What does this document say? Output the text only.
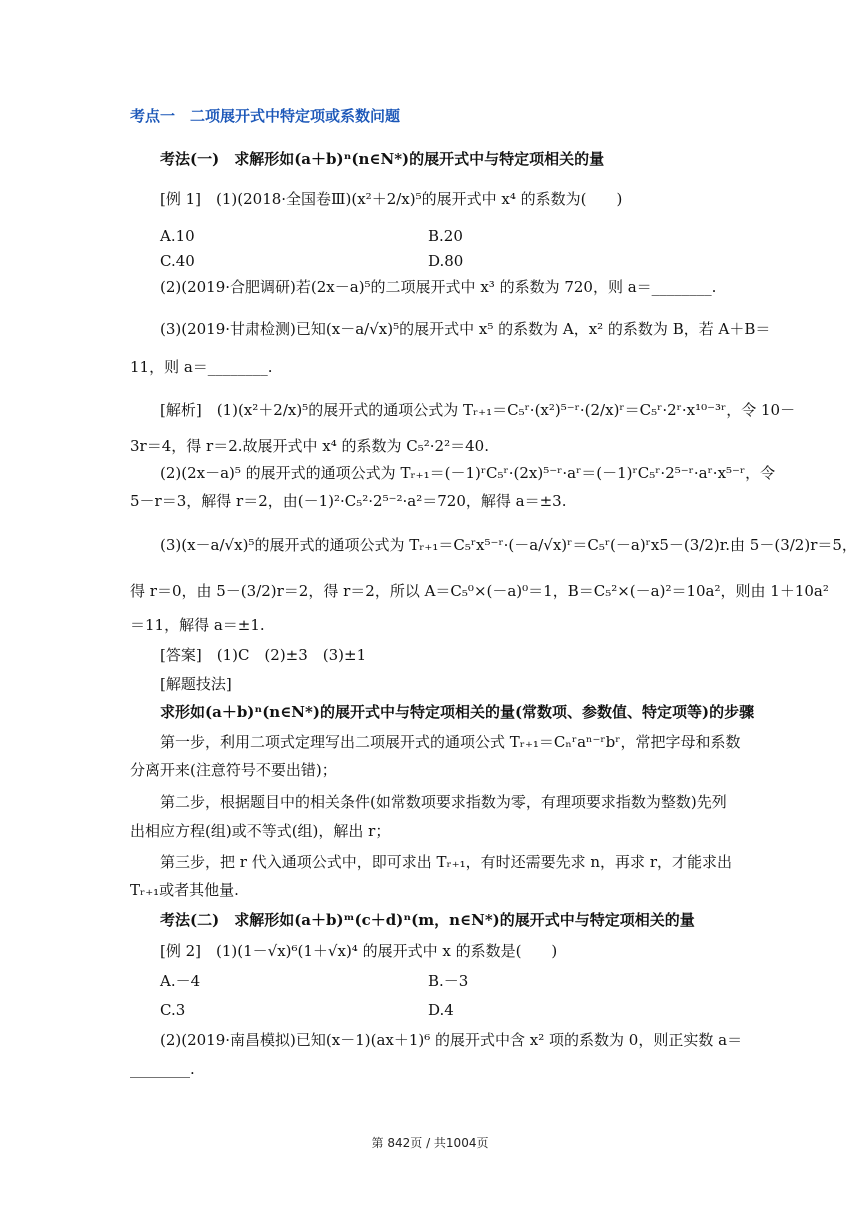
考点一　二项展开式中特定项或系数问题
考法(一)　求解形如(a＋b)ⁿ(n∈N*)的展开式中与特定项相关的量
[例 1]　(1)(2018·全国卷Ⅲ)(x²＋2/x)⁵的展开式中 x⁴ 的系数为(　　)
A.10	B.20
C.40	D.80
(2)(2019·合肥调研)若(2x－a)⁵的二项展开式中 x³ 的系数为 720，则 a＝________.
(3)(2019·甘肃检测)已知(x－a/√x)⁵的展开式中 x⁵ 的系数为 A，x² 的系数为 B，若 A＋B＝
11，则 a＝________.
[解析]　(1)(x²＋2/x)⁵的展开式的通项公式为 Tᵣ₊₁＝C₅ʳ·(x²)⁵⁻ʳ·(2/x)ʳ＝C₅ʳ·2ʳ·x¹⁰⁻³ʳ，令 10－
3r＝4，得 r＝2.故展开式中 x⁴ 的系数为 C₅²·2²＝40.
(2)(2x－a)⁵ 的展开式的通项公式为 Tᵣ₊₁＝(－1)ʳC₅ʳ·(2x)⁵⁻ʳ·aʳ＝(－1)ʳC₅ʳ·2⁵⁻ʳ·aʳ·x⁵⁻ʳ，令
5－r＝3，解得 r＝2，由(－1)²·C₅²·2⁵⁻²·a²＝720，解得 a＝±3.
(3)(x－a/√x)⁵的展开式的通项公式为 Tᵣ₊₁＝C₅ʳx⁵⁻ʳ·(－a/√x)ʳ＝C₅ʳ(－a)ʳx5－(3/2)r.由 5－(3/2)r＝5，
得 r＝0，由 5－(3/2)r＝2，得 r＝2，所以 A＝C₅⁰×(－a)⁰＝1，B＝C₅²×(－a)²＝10a²，则由 1＋10a²
＝11，解得 a＝±1.
[答案]　(1)C　(2)±3　(3)±1
[解题技法]
求形如(a＋b)ⁿ(n∈N*)的展开式中与特定项相关的量(常数项、参数值、特定项等)的步骤
第一步，利用二项式定理写出二项展开式的通项公式 Tᵣ₊₁＝Cₙʳaⁿ⁻ʳbʳ，常把字母和系数
分离开来(注意符号不要出错)；
第二步，根据题目中的相关条件(如常数项要求指数为零，有理项要求指数为整数)先列
出相应方程(组)或不等式(组)，解出 r；
第三步，把 r 代入通项公式中，即可求出 Tᵣ₊₁，有时还需要先求 n，再求 r，才能求出
Tᵣ₊₁或者其他量.
考法(二)　求解形如(a＋b)ᵐ(c＋d)ⁿ(m，n∈N*)的展开式中与特定项相关的量
[例 2]　(1)(1－√x)⁶(1＋√x)⁴ 的展开式中 x 的系数是(　　)
A.－4	B.－3
C.3	D.4
(2)(2019·南昌模拟)已知(x－1)(ax＋1)⁶ 的展开式中含 x² 项的系数为 0，则正实数 a＝
________.
第 842页 / 共1004页
